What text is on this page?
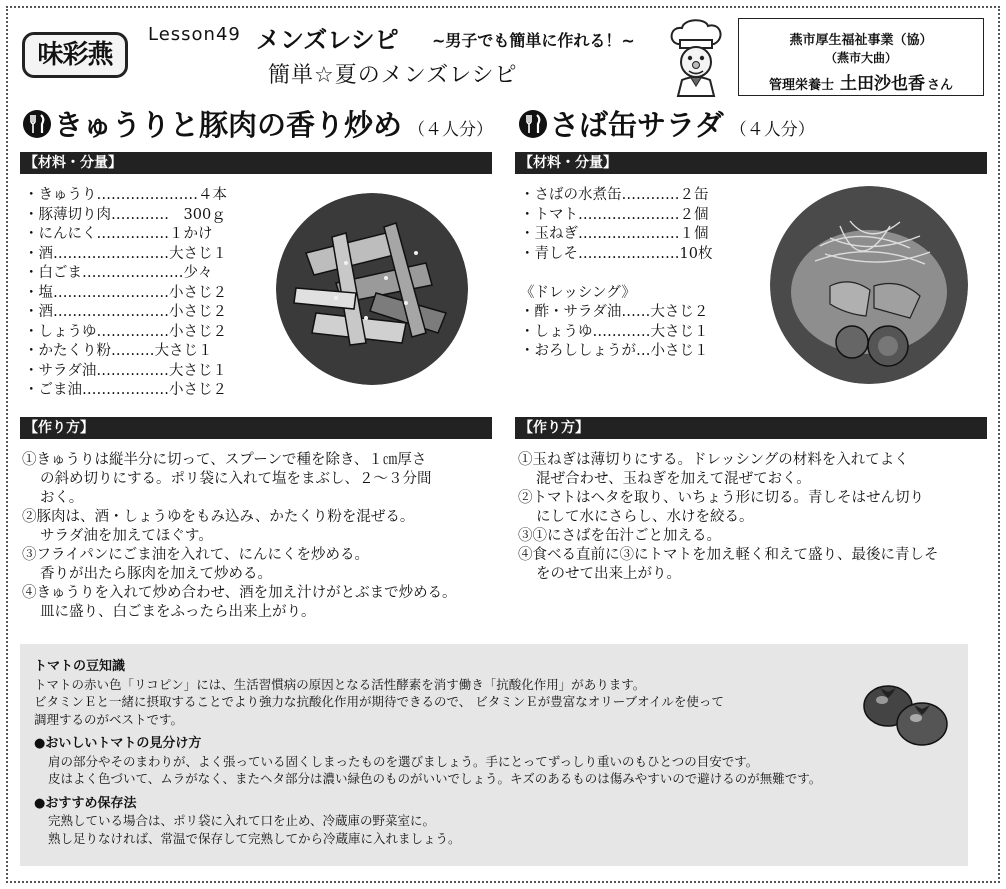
味彩燕
Lesson49 メンズレシピ ~男子でも簡単に作れる！~
簡単☆夏のメンズレシピ
燕市厚生福祉事業（協）
（燕市大曲）
管理栄養士 土田沙也香 さん
きゅうりと豚肉の香り炒め （４人分）
【材料・分量】
・きゅうり…………………４本
・豚薄切り肉…………　300ｇ
・にんにく……………１かけ
・酒……………………大さじ１
・白ごま…………………少々
・塩……………………小さじ２
・酒……………………小さじ２
・しょうゆ……………小さじ２
・かたくり粉………大さじ１
・サラダ油……………大さじ１
・ごま油………………小さじ２
【作り方】
①きゅうりは縦半分に切って、スプーンで種を除き、１㎝厚さ
の斜め切りにする。ポリ袋に入れて塩をまぶし、２～３分間
おく。
②豚肉は、酒・しょうゆをもみ込み、かたくり粉を混ぜる。
サラダ油を加えてほぐす。
③フライパンにごま油を入れて、にんにくを炒める。
香りが出たら豚肉を加えて炒める。
④きゅうりを入れて炒め合わせ、酒を加え汁けがとぶまで炒める。
皿に盛り、白ごまをふったら出来上がり。
さば缶サラダ （４人分）
【材料・分量】
・さばの水煮缶…………２缶
・トマト…………………２個
・玉ねぎ…………………１個
・青しそ…………………10枚

《ドレッシング》
・酢・サラダ油……大さじ２
・しょうゆ…………大さじ１
・おろししょうが…小さじ１
【作り方】
①玉ねぎは薄切りにする。ドレッシングの材料を入れてよく
混ぜ合わせ、玉ねぎを加えて混ぜておく。
②トマトはヘタを取り、いちょう形に切る。青しそはせん切り
にして水にさらし、水けを絞る。
③①にさばを缶汁ごと加える。
④食べる直前に③にトマトを加え軽く和えて盛り、最後に青しそ
をのせて出来上がり。
トマトの豆知識
トマトの赤い色「リコピン」には、生活習慣病の原因となる活性酵素を消す働き「抗酸化作用」があります。
ビタミンＥと一緒に摂取することでより強力な抗酸化作用が期待できるので、 ビタミンＥが豊富なオリーブオイルを使って
調理するのがベストです。
●おいしいトマトの見分け方
肩の部分やそのまわりが、よく張っている固くしまったものを選びましょう。手にとってずっしり重いのもひとつの目安です。
皮はよく色づいて、ムラがなく、またヘタ部分は濃い緑色のものがいいでしょう。キズのあるものは傷みやすいので避けるのが無難です。
●おすすめ保存法
完熟している場合は、ポリ袋に入れて口を止め、冷蔵庫の野菜室に。
熟し足りなければ、常温で保存して完熟してから冷蔵庫に入れましょう。
